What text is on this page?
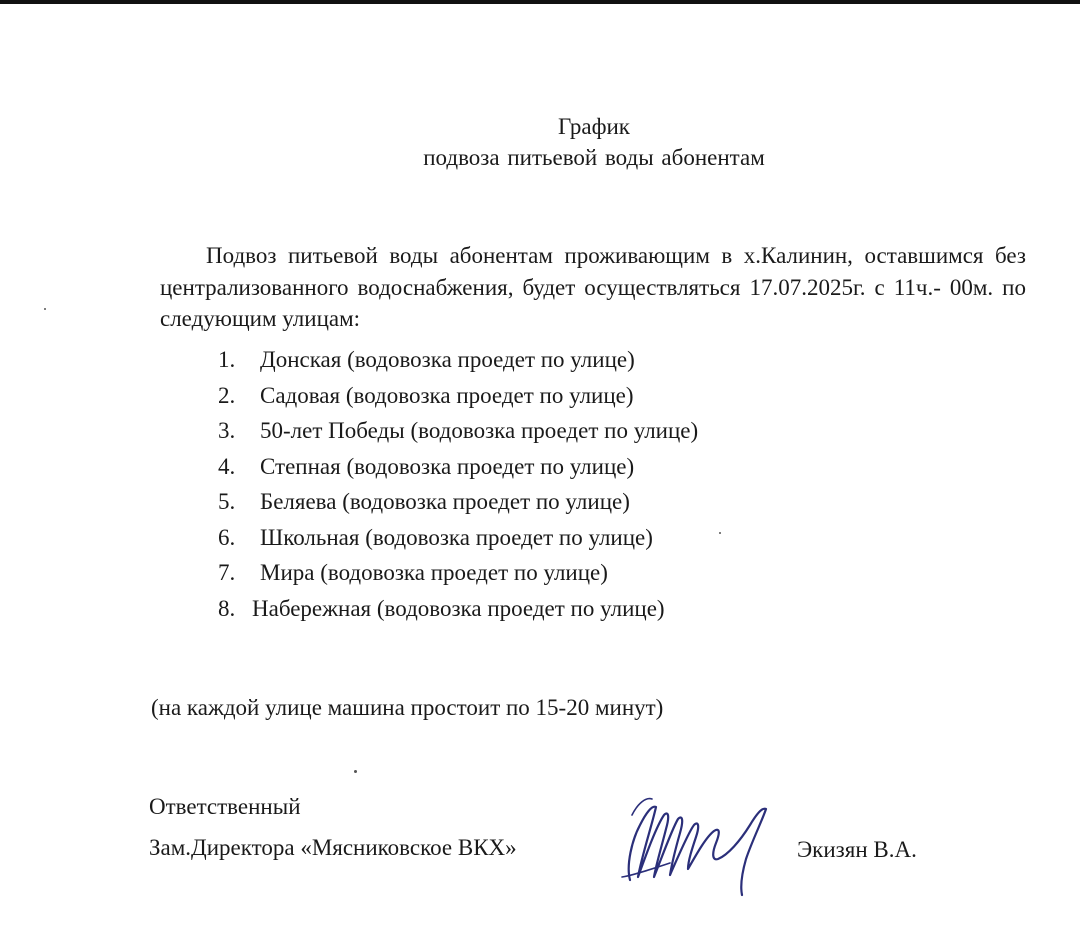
График
подвоза питьевой воды абонентам

Подвоз питьевой воды абонентам проживающим в х.Калинин, оставшимся без централизованного водоснабжения, будет осуществляться 17.07.2025г. с 11ч.- 00м. по следующим улицам:

1. Донская (водовозка проедет по улице)
2. Садовая (водовозка проедет по улице)
3. 50-лет Победы (водовозка проедет по улице)
4. Степная (водовозка проедет по улице)
5. Беляева (водовозка проедет по улице)
6. Школьная (водовозка проедет по улице)
7. Мира (водовозка проедет по улице)
8. Набережная (водовозка проедет по улице)
(на каждой улице машина простоит по 15-20 минут)
Ответственный
Зам.Директора «Мясниковское ВКХ»	Экизян В.А.
